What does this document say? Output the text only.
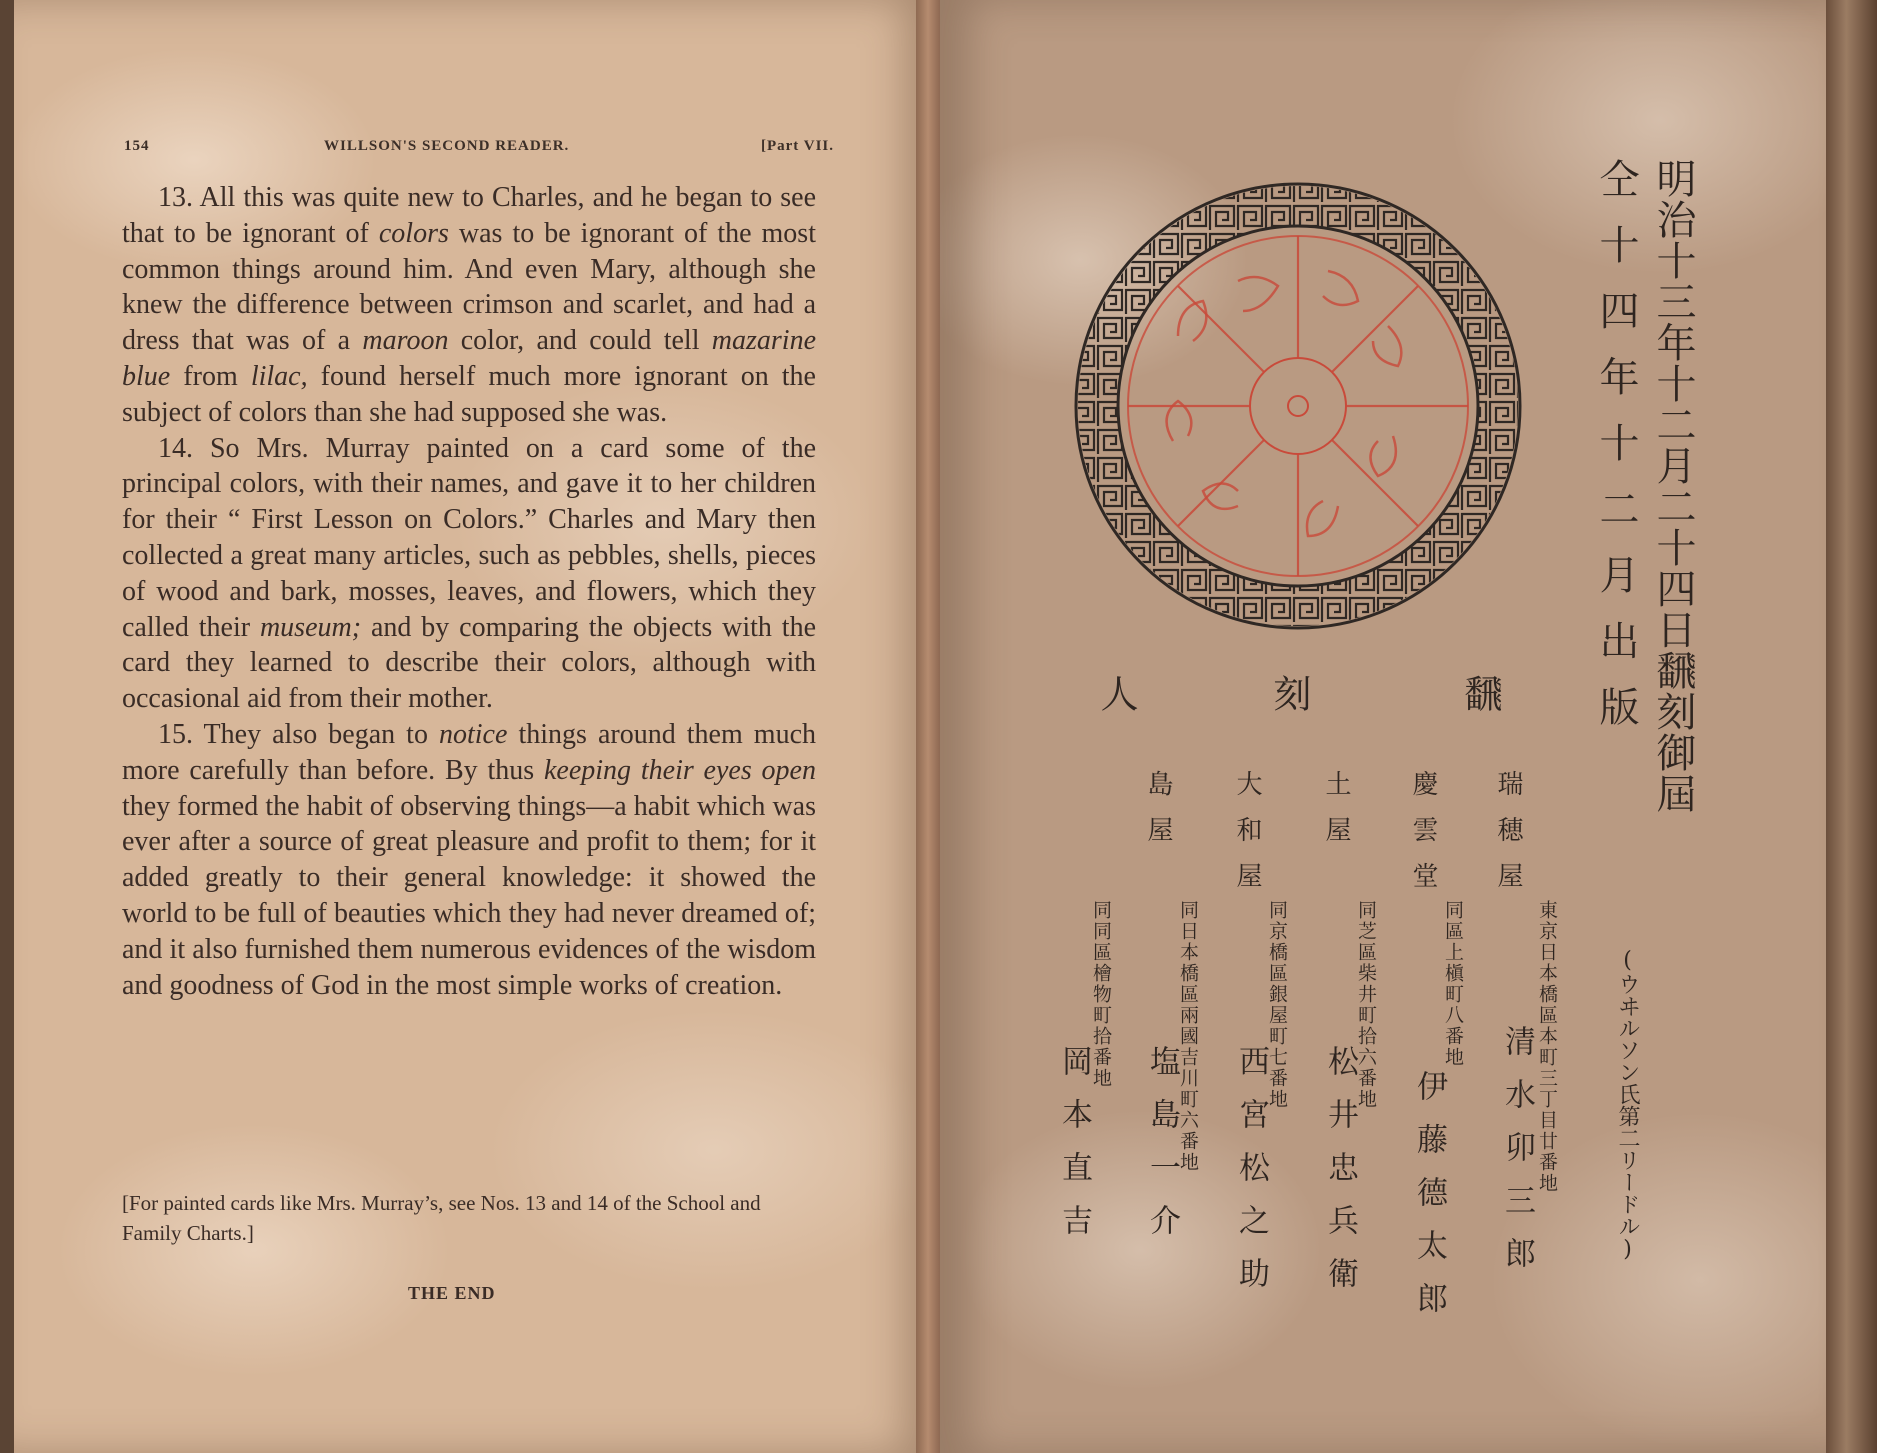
154	WILLSON'S SECOND READER.	[Part VII.

13. All this was quite new to Charles, and he began to see that to be ignorant of colors was to be ignorant of the most common things around him. And even Mary, although she knew the difference between crimson and scarlet, and had a dress that was of a maroon color, and could tell mazarine blue from lilac, found herself much more ignorant on the subject of colors than she had supposed she was.

14. So Mrs. Murray painted on a card some of the principal colors, with their names, and gave it to her children for their “ First Lesson on Colors.” Charles and Mary then collected a great many articles, such as pebbles, shells, pieces of wood and bark, mosses, leaves, and flowers, which they called their museum; and by comparing the objects with the card they learned to describe their colors, although with occasional aid from their mother.

15. They also began to notice things around them much more carefully than before. By thus keeping their eyes open they formed the habit of observing things—a habit which was ever after a source of great pleasure and profit to them; for it added greatly to their general knowledge: it showed the world to be full of beauties which they had never dreamed of; and it also furnished them numerous evidences of the wisdom and goodness of God in the most simple works of creation.

[For painted cards like Mrs. Murray’s, see Nos. 13 and 14 of the School and Family Charts.]
THE END
明治十三年十二月二十四日飜刻御屆
仝十四年十二月出版
(ウヰルソン氏第二リードル)
飜
刻
人
瑞穂屋
東京日本橋區本町三丁目廿番地
清水卯三郎
慶雲堂
同區上槇町八番地
伊藤德太郎
土屋
同芝區柴井町拾六番地
松井忠兵衛
大和屋
同京橋區銀屋町七番地
西宮松之助
島屋
同日本橋區兩國吉川町六番地
塩島一介
同同區檜物町拾番地
岡本直吉
